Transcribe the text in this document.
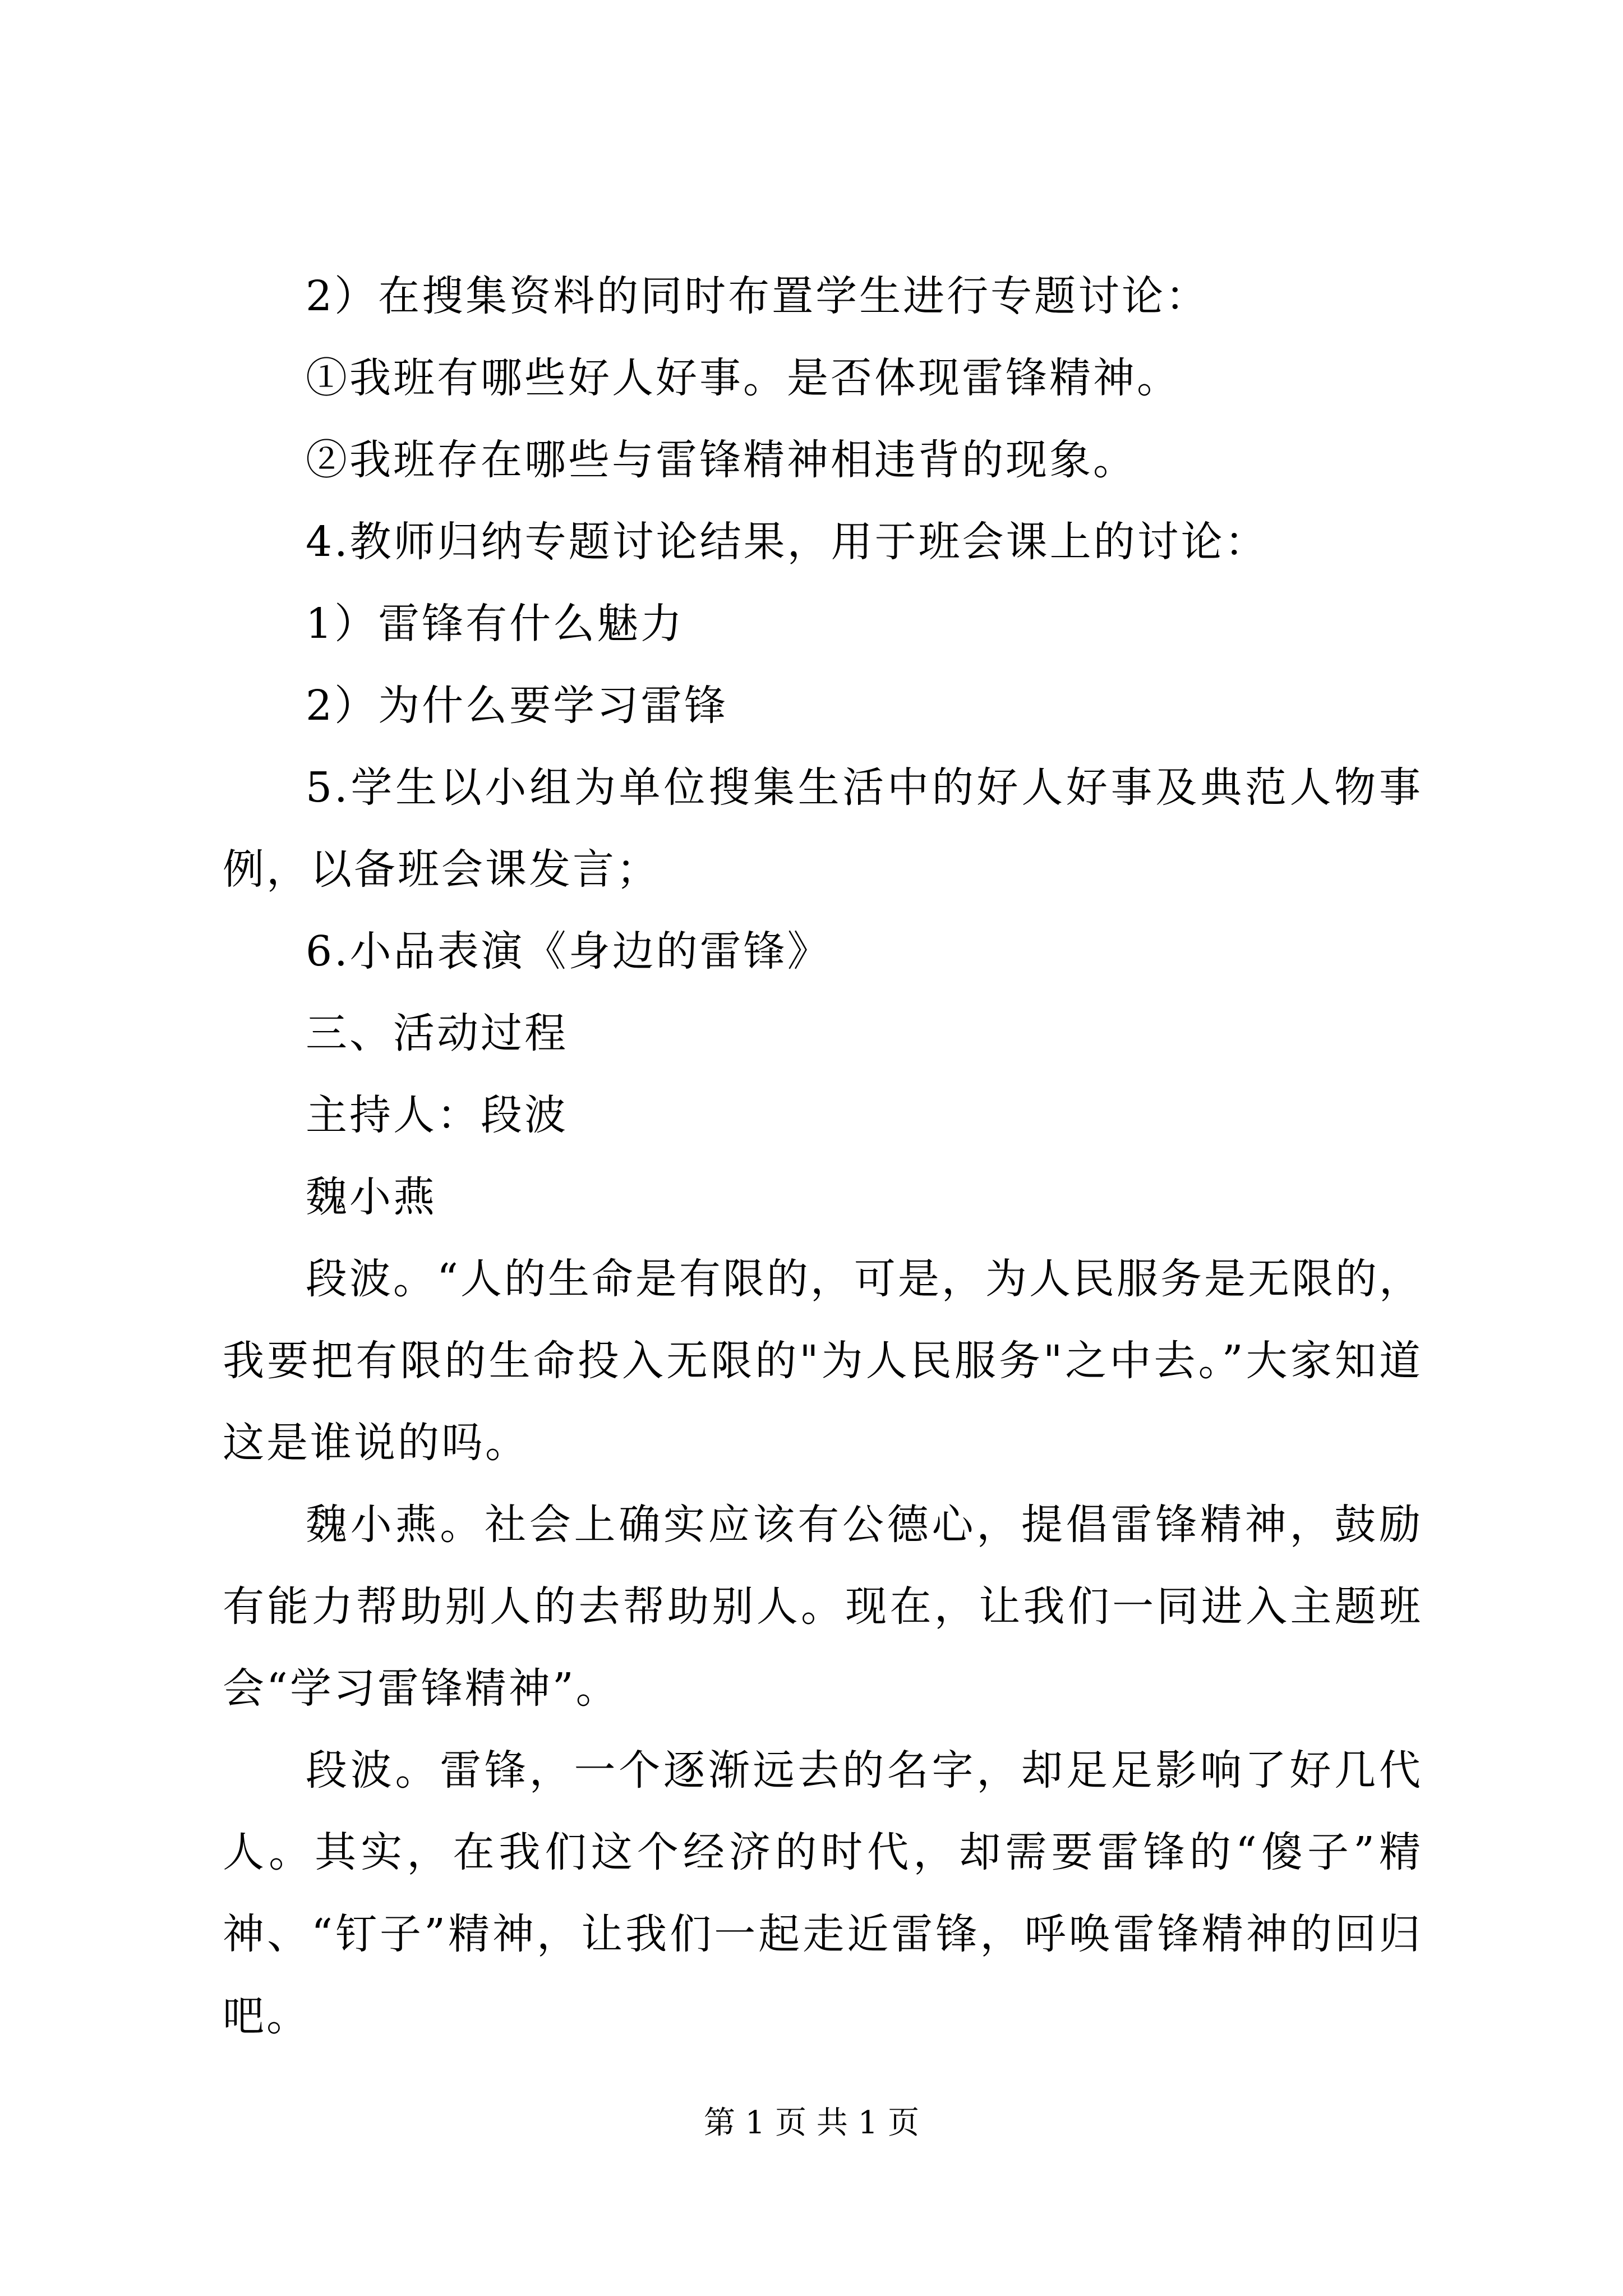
2）在搜集资料的同时布置学生进行专题讨论：

①我班有哪些好人好事。是否体现雷锋精神。

②我班存在哪些与雷锋精神相违背的现象。

4.教师归纳专题讨论结果，用于班会课上的讨论：

1）雷锋有什么魅力

2）为什么要学习雷锋

5.学生以小组为单位搜集生活中的好人好事及典范人物事例，以备班会课发言；

6.小品表演《身边的雷锋》

三、活动过程

主持人：段波

魏小燕

段波。“人的生命是有限的，可是，为人民服务是无限的，我要把有限的生命投入无限的"为人民服务"之中去。”大家知道这是谁说的吗。

魏小燕。社会上确实应该有公德心，提倡雷锋精神，鼓励有能力帮助别人的去帮助别人。现在，让我们一同进入主题班会“学习雷锋精神”。

段波。雷锋，一个逐渐远去的名字，却足足影响了好几代人。其实，在我们这个经济的时代，却需要雷锋的“傻子”精神、“钉子”精神，让我们一起走近雷锋，呼唤雷锋精神的回归吧。

第 1 页 共 1 页
